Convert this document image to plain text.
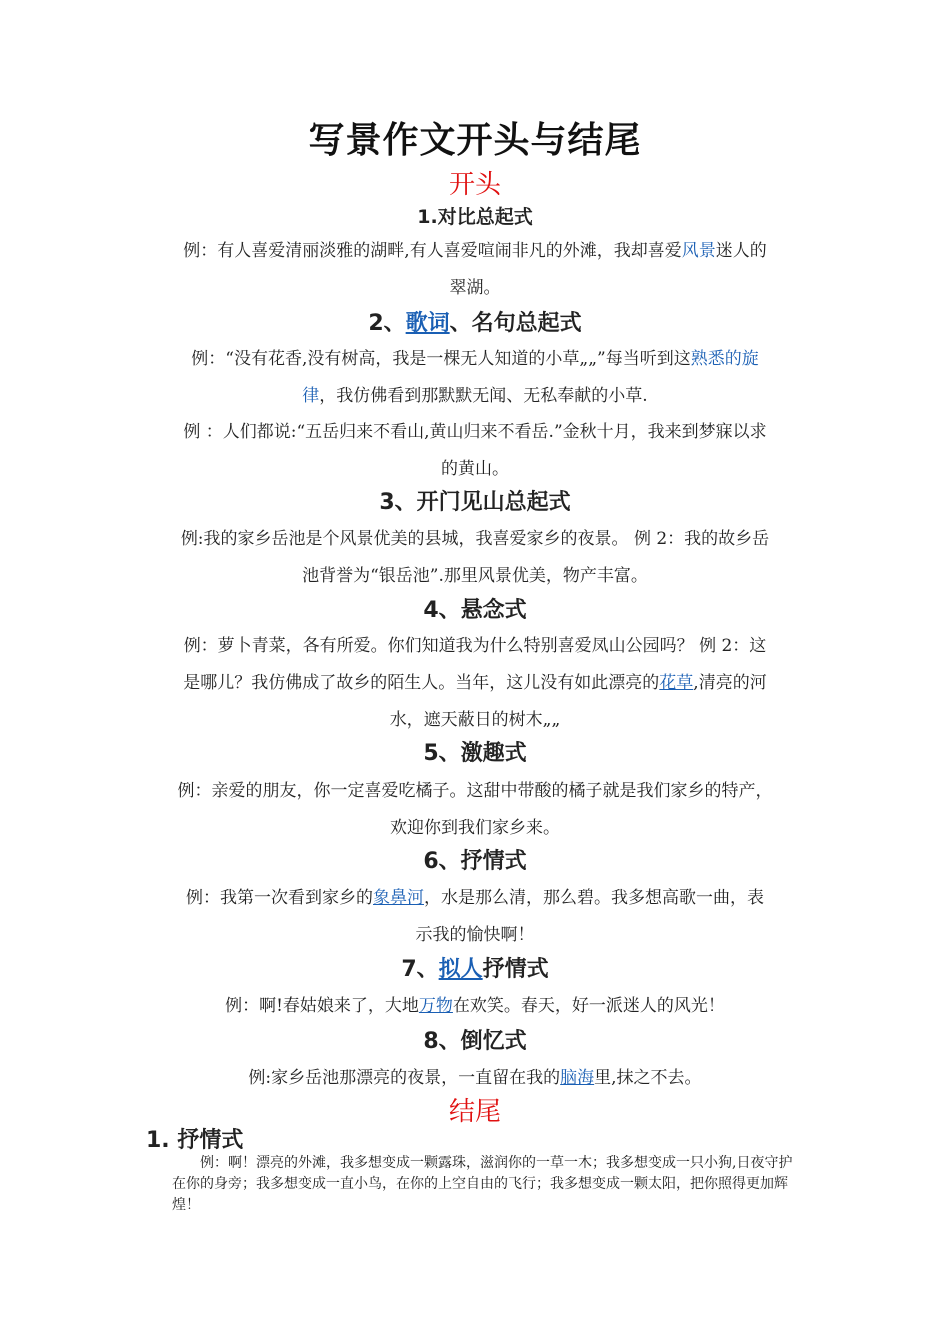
写景作文开头与结尾
开头
1.对比总起式
例：有人喜爱清丽淡雅的湖畔,有人喜爱喧闹非凡的外滩，我却喜爱风景迷人的
翠湖。
2、歌词、名句总起式
例：“没有花香,没有树高，我是一棵无人知道的小草„„”每当听到这熟悉的旋
律，我仿佛看到那默默无闻、无私奉献的小草.
例 ：人们都说:“五岳归来不看山,黄山归来不看岳.”金秋十月，我来到梦寐以求
的黄山。
3、开门见山总起式
例:我的家乡岳池是个风景优美的县城，我喜爱家乡的夜景。 例 2：我的故乡岳
池背誉为“银岳池”.那里风景优美，物产丰富。
4、悬念式
例：萝卜青菜，各有所爱。你们知道我为什么特别喜爱凤山公园吗？ 例 2：这
是哪儿？我仿佛成了故乡的陌生人。当年，这儿没有如此漂亮的花草,清亮的河
水，遮天蔽日的树木„„
5、激趣式
例：亲爱的朋友，你一定喜爱吃橘子。这甜中带酸的橘子就是我们家乡的特产，
欢迎你到我们家乡来。
6、抒情式
例：我第一次看到家乡的象鼻河，水是那么清，那么碧。我多想高歌一曲，表
示我的愉快啊！
7、拟人抒情式
例：啊!春姑娘来了，大地万物在欢笑。春天，好一派迷人的风光！
8、倒忆式
例:家乡岳池那漂亮的夜景，一直留在我的脑海里,抹之不去。
结尾
1. 抒情式
例：啊！漂亮的外滩，我多想变成一颗露珠，滋润你的一草一木；我多想变成一只小狗,日夜守护在你的身旁；我多想变成一直小鸟，在你的上空自由的飞行；我多想变成一颗太阳，把你照得更加辉煌！
